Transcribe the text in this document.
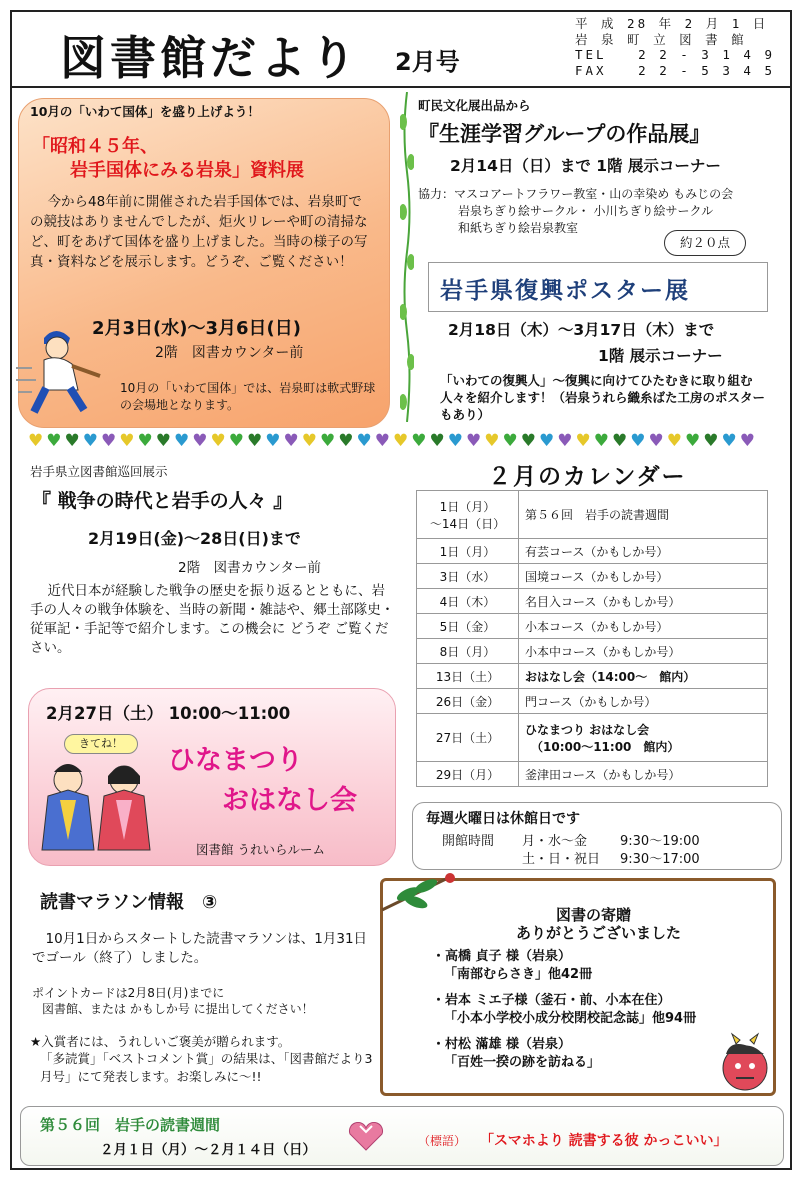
図書館だより 2月号
平 成 28 年 2 月 1 日
岩 泉 町 立 図 書 館
TEL   2 2 - 3 1 4 9
FAX   2 2 - 5 3 4 5
10月の「いわて国体」を盛り上げよう！
「昭和４５年、
岩手国体にみる岩泉」資料展
今から48年前に開催された岩手国体では、岩泉町での競技はありませんでしたが、炬火リレーや町の清掃など、町をあげて国体を盛り上げました。当時の様子の写真・資料などを展示します。どうぞ、ご覧ください！
2月3日(水)～3月6日(日)
2階　図書カウンター前
10月の「いわて国体」では、岩泉町は軟式野球の会場地となります。
町民文化展出品から
『生涯学習グループの作品展』
2月14日（日）まで 1階 展示コーナー
協力：マスコアートフラワー教室・山の幸染め もみじの会
岩泉ちぎり絵サークル・ 小川ちぎり絵サークル
和紙ちぎり絵岩泉教室
約２０点
岩手県復興ポスター展
2月18日（木）～3月17日（木）まで
1階 展示コーナー
「いわての復興人」～復興に向けてひたむきに取り組む人々を紹介します！（岩泉うれら織糸ばた工房のポスターもあり）
♥ ♥ ♥ ♥ ♥ ♥ ♥ ♥ ♥ ♥ ♥ ♥ ♥ ♥ ♥ ♥ ♥ ♥ ♥ ♥ ♥ ♥ ♥ ♥ ♥ ♥ ♥ ♥ ♥ ♥ ♥ ♥ ♥ ♥ ♥ ♥ ♥ ♥ ♥ ♥
岩手県立図書館巡回展示
『 戦争の時代と岩手の人々 』
2月19日(金)～28日(日)まで
2階　図書カウンター前
近代日本が経験した戦争の歴史を振り返るとともに、岩手の人々の戦争体験を、当時の新聞・雑誌や、郷土部隊史・従軍記・手記等で紹介します。この機会に どうぞ ご覧ください。
2月27日（土） 10:00～11:00
ひなまつり
おはなし会
きてね！
図書館 うれいらルーム
２月のカレンダー
1日（月）
～14日（日）	第５６回　岩手の読書週間
1日（月）	有芸コース（かもしか号）
3日（水）	国境コース（かもしか号）
4日（木）	名目入コース（かもしか号）
5日（金）	小本コース（かもしか号）
8日（月）	小本中コース（かもしか号）
13日（土）	おはなし会（14:00～　館内）
26日（金）	門コース（かもしか号）
27日（土）	ひなまつり おはなし会
　（10:00～11:00　館内）
29日（月）	釜津田コース（かもしか号）
毎週火曜日は休館日です
開館時間 月・水～金	9:30～19:00
土・日・祝日 9:30～17:00
読書マラソン情報　③
10月1日からスタートした読書マラソンは、1月31日でゴール（終了）しました。
ポイントカードは2月8日(月)までに
図書館、または かもしか号 に提出してください！
★入賞者には、うれしいご褒美が贈られます。
「多読賞」「ベストコメント賞」の結果は、「図書館だより3月号」にて発表します。お楽しみに～!!
図書の寄贈
ありがとうございました
・高橋 貞子 様（岩泉）
「南部むらさき」他42冊
・岩本 ミエ子様（釜石・前、小本在住）
「小本小学校小成分校閉校記念誌」他94冊
・村松 滿雄 様（岩泉）
「百姓一揆の跡を訪ねる」
第５６回　岩手の読書週間
２月１日（月）～２月１４日（日）
（標語） 「スマホより 読書する彼 かっこいい」
